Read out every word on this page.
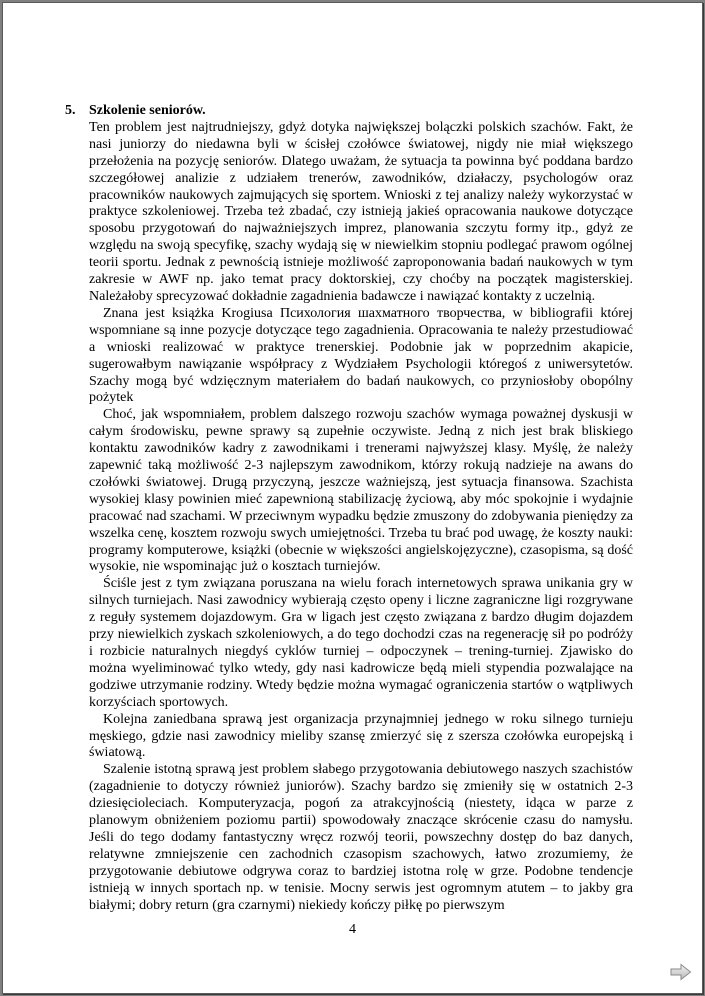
5. Szkolenie seniorów.

Ten problem jest najtrudniejszy, gdyż dotyka największej bolączki polskich szachów. Fakt, że nasi juniorzy do niedawna byli w ścisłej czołówce światowej, nigdy nie miał większego przełożenia na pozycję seniorów. Dlatego uważam, że sytuacja ta powinna być poddana bardzo szczegółowej analizie z udziałem trenerów, zawodników, działaczy, psychologów oraz pracowników naukowych zajmujących się sportem. Wnioski z tej analizy należy wykorzystać w praktyce szkoleniowej. Trzeba też zbadać, czy istnieją jakieś opracowania naukowe dotyczące sposobu przygotowań do najważniejszych imprez, planowania szczytu formy itp., gdyż ze względu na swoją specyfikę, szachy wydają się w niewielkim stopniu podlegać prawom ogólnej teorii sportu. Jednak z pewnością istnieje możliwość zaproponowania badań naukowych w tym zakresie w AWF np. jako temat pracy doktorskiej, czy choćby na początek magisterskiej. Należałoby sprecyzować dokładnie zagadnienia badawcze i nawiązać kontakty z uczelnią.

Znana jest książka Krogiusa Психология шахматного творчества, w bibliografii której wspomniane są inne pozycje dotyczące tego zagadnienia. Opracowania te należy przestudiować a wnioski realizować w praktyce trenerskiej. Podobnie jak w poprzednim akapicie, sugerowałbym nawiązanie współpracy z Wydziałem Psychologii któregoś z uniwersytetów. Szachy mogą być wdzięcznym materiałem do badań naukowych, co przyniosłoby obopólny pożytek

Choć, jak wspomniałem, problem dalszego rozwoju szachów wymaga poważnej dyskusji w całym środowisku, pewne sprawy są zupełnie oczywiste. Jedną z nich jest brak bliskiego kontaktu zawodników kadry z zawodnikami i trenerami najwyższej klasy. Myślę, że należy zapewnić taką możliwość 2-3 najlepszym zawodnikom, którzy rokują nadzieje na awans do czołówki światowej. Drugą przyczyną, jeszcze ważniejszą, jest sytuacja finansowa. Szachista wysokiej klasy powinien mieć zapewnioną stabilizację życiową, aby móc spokojnie i wydajnie pracować nad szachami. W przeciwnym wypadku będzie zmuszony do zdobywania pieniędzy za wszelka cenę, kosztem rozwoju swych umiejętności. Trzeba tu brać pod uwagę, że koszty nauki: programy komputerowe, książki (obecnie w większości angielskojęzyczne), czasopisma, są dość wysokie, nie wspominając już o kosztach turniejów.

Ściśle jest z tym związana poruszana na wielu forach internetowych sprawa unikania gry w silnych turniejach. Nasi zawodnicy wybierają często openy i liczne zagraniczne ligi rozgrywane z reguły systemem dojazdowym. Gra w ligach jest często związana z bardzo długim dojazdem przy niewielkich zyskach szkoleniowych, a do tego dochodzi czas na regenerację sił po podróży i rozbicie naturalnych niegdyś cyklów turniej – odpoczynek – trening-turniej. Zjawisko do można wyeliminować tylko wtedy, gdy nasi kadrowicze będą mieli stypendia pozwalające na godziwe utrzymanie rodziny. Wtedy będzie można wymagać ograniczenia startów o wątpliwych korzyściach sportowych.

Kolejna zaniedbana sprawą jest organizacja przynajmniej jednego w roku silnego turnieju męskiego, gdzie nasi zawodnicy mieliby szansę zmierzyć się z szersza czołówka europejską i światową.

Szalenie istotną sprawą jest problem słabego przygotowania debiutowego naszych szachistów (zagadnienie to dotyczy również juniorów). Szachy bardzo się zmieniły się w ostatnich 2-3 dziesięcioleciach. Komputeryzacja, pogoń za atrakcyjnością (niestety, idąca w parze z planowym obniżeniem poziomu partii) spowodowały znaczące skrócenie czasu do namysłu. Jeśli do tego dodamy fantastyczny wręcz rozwój teorii, powszechny dostęp do baz danych, relatywne zmniejszenie cen zachodnich czasopism szachowych, łatwo zrozumiemy, że przygotowanie debiutowe odgrywa coraz to bardziej istotna rolę w grze. Podobne tendencje istnieją w innych sportach np. w tenisie. Mocny serwis jest ogromnym atutem – to jakby gra białymi; dobry return (gra czarnymi) niekiedy kończy piłkę po pierwszym

4
